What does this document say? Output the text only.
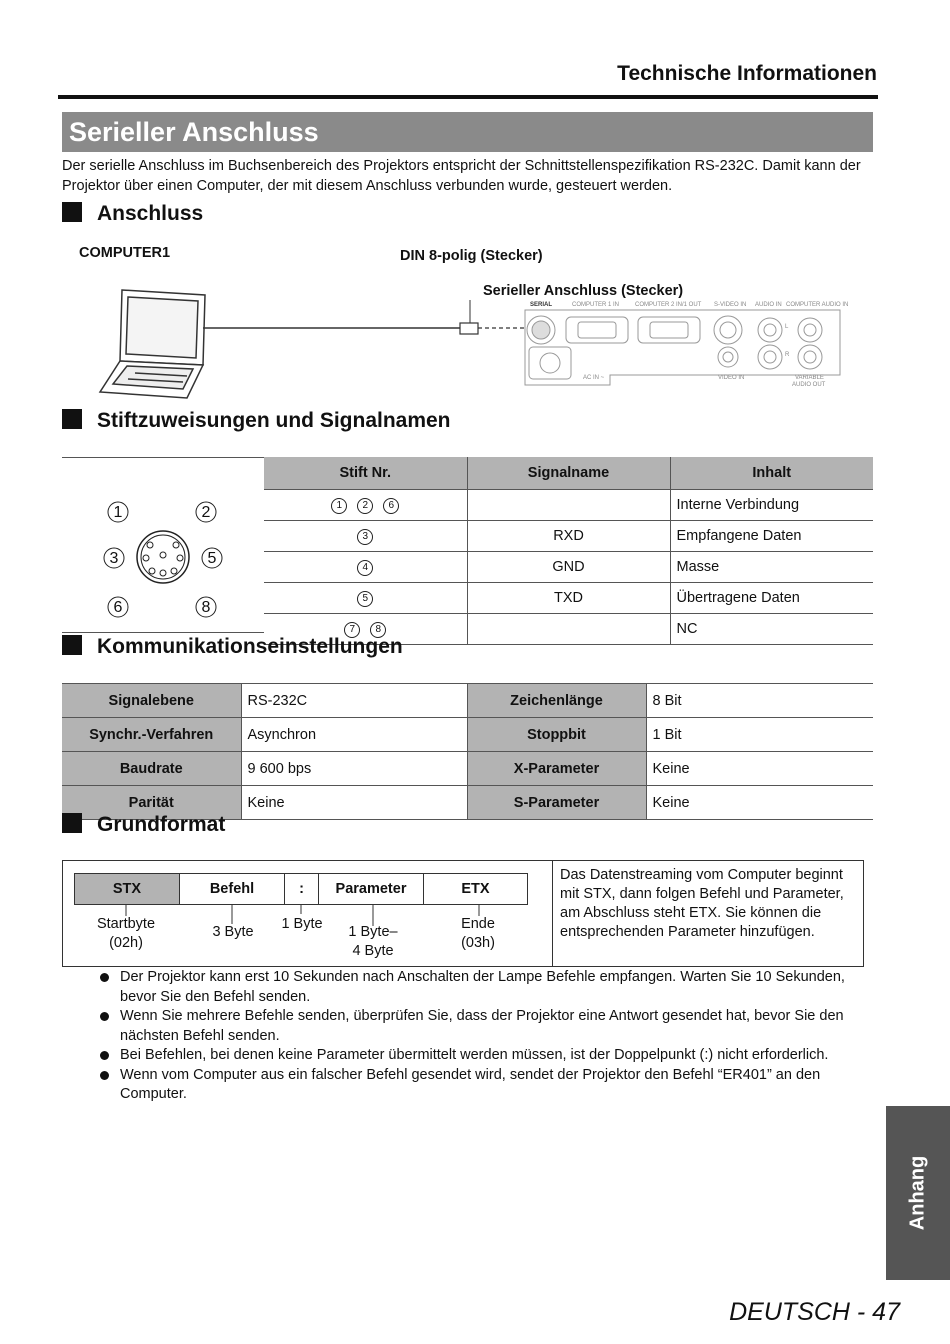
Technische Informationen
Serieller Anschluss
Der serielle Anschluss im Buchsenbereich des Projektors entspricht der Schnittstellenspezifikation RS-232C. Damit kann der Projektor über einen Computer, der mit diesem Anschluss verbunden wurde, gesteuert werden.
Anschluss
COMPUTER1	DIN 8-polig (Stecker)
Serieller Anschluss (Stecker)
SERIAL	COMPUTER 1 IN	COMPUTER 2 IN/1 OUT S-VIDEO IN AUDIO IN COMPUTER AUDIO IN
L
R
AC IN ~	VIDEO IN	VARIABLE
AUDIO OUT
Stiftzuweisungen und Signalnamen
1	2
3	5
6	8
Stift Nr.	Signalname	Inhalt
1 2 6		Interne Verbindung
3	RXD	Empfangene Daten
4	GND	Masse
5	TXD	Übertragene Daten
7 8		NC
Kommunikationseinstellungen
Signalebene	RS-232C	Zeichenlänge	8 Bit
Synchr.-Verfahren	Asynchron	Stoppbit	1 Bit
Baudrate	9 600 bps	X-Parameter	Keine
Parität	Keine	S-Parameter	Keine
Grundformat
STX	Befehl	:	Parameter	ETX
Startbyte
(02h)
3 Byte	1 Byte	1 Byte–
4 Byte
Ende
(03h)
Das Datenstreaming vom Computer beginnt mit STX, dann folgen Befehl und Parameter, am Abschluss steht ETX. Sie können die entsprechenden Parameter hinzufügen.
Der Projektor kann erst 10 Sekunden nach Anschalten der Lampe Befehle empfangen. Warten Sie 10 Sekunden, bevor Sie den Befehl senden.
Wenn Sie mehrere Befehle senden, überprüfen Sie, dass der Projektor eine Antwort gesendet hat, bevor Sie den nächsten Befehl senden.
Bei Befehlen, bei denen keine Parameter übermittelt werden müssen, ist der Doppelpunkt (:) nicht erforderlich.
Wenn vom Computer aus ein falscher Befehl gesendet wird, sendet der Projektor den Befehl “ER401” an den Computer.
Anhang
DEUTSCH - 47
